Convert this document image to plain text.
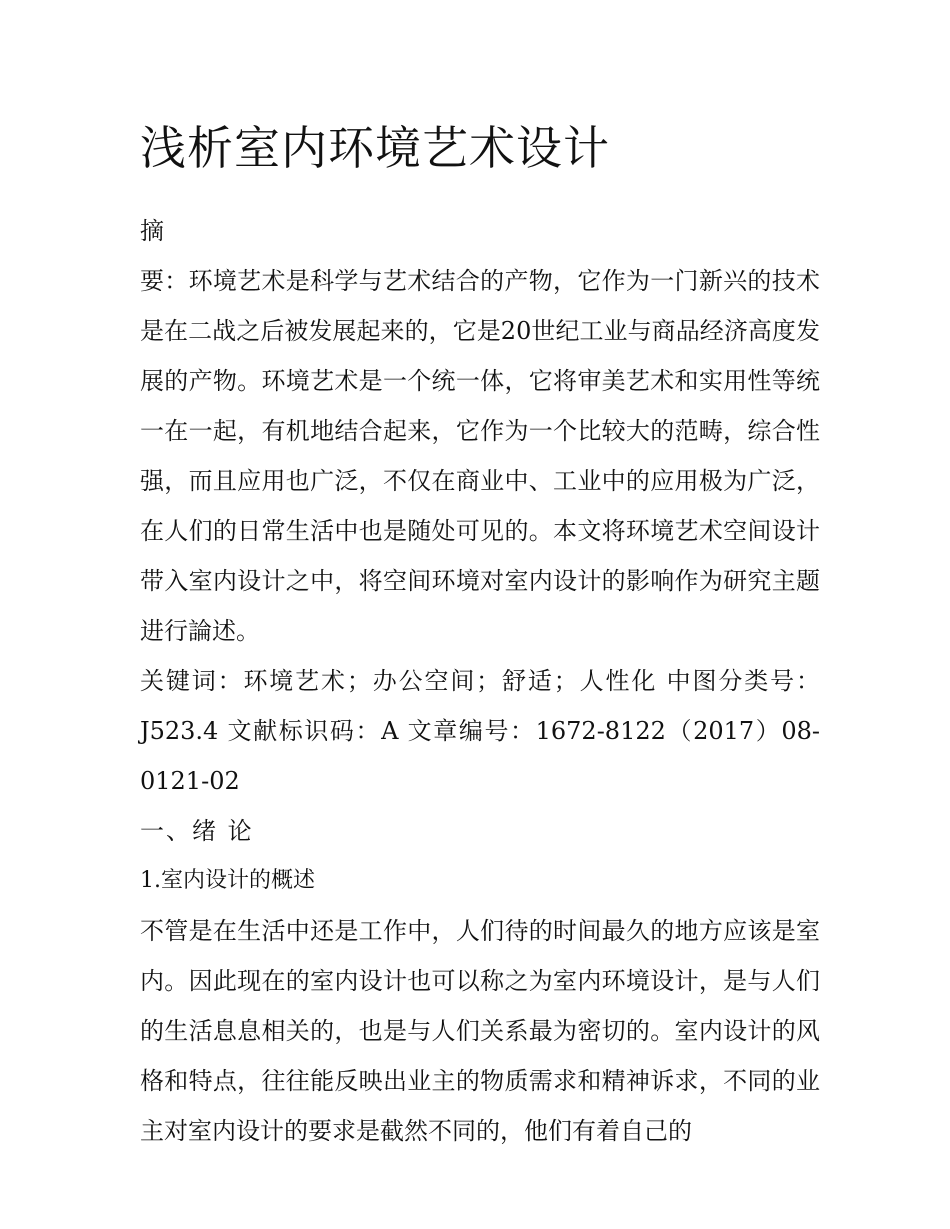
浅析室内环境艺术设计

摘

要：环境艺术是科学与艺术结合的产物，它作为一门新兴的技术是在二战之后被发展起来的，它是20世纪工业与商品经济高度发展的产物。环境艺术是一个统一体，它将审美艺术和实用性等统一在一起，有机地结合起来，它作为一个比较大的范畴，综合性强，而且应用也广泛，不仅在商业中、工业中的应用极为广泛，在人们的日常生活中也是随处可见的。本文将环境艺术空间设计带入室内设计之中，将空间环境对室内设计的影响作为研究主题进行論述。

关键词：环境艺术；办公空间；舒适；人性化 中图分类号：J523.4 文献标识码：A 文章编号：1672-8122（2017）08-0121-02

一、绪 论

1.室内设计的概述

不管是在生活中还是工作中，人们待的时间最久的地方应该是室内。因此现在的室内设计也可以称之为室内环境设计，是与人们的生活息息相关的，也是与人们关系最为密切的。室内设计的风格和特点，往往能反映出业主的物质需求和精神诉求，不同的业主对室内设计的要求是截然不同的，他们有着自己的
